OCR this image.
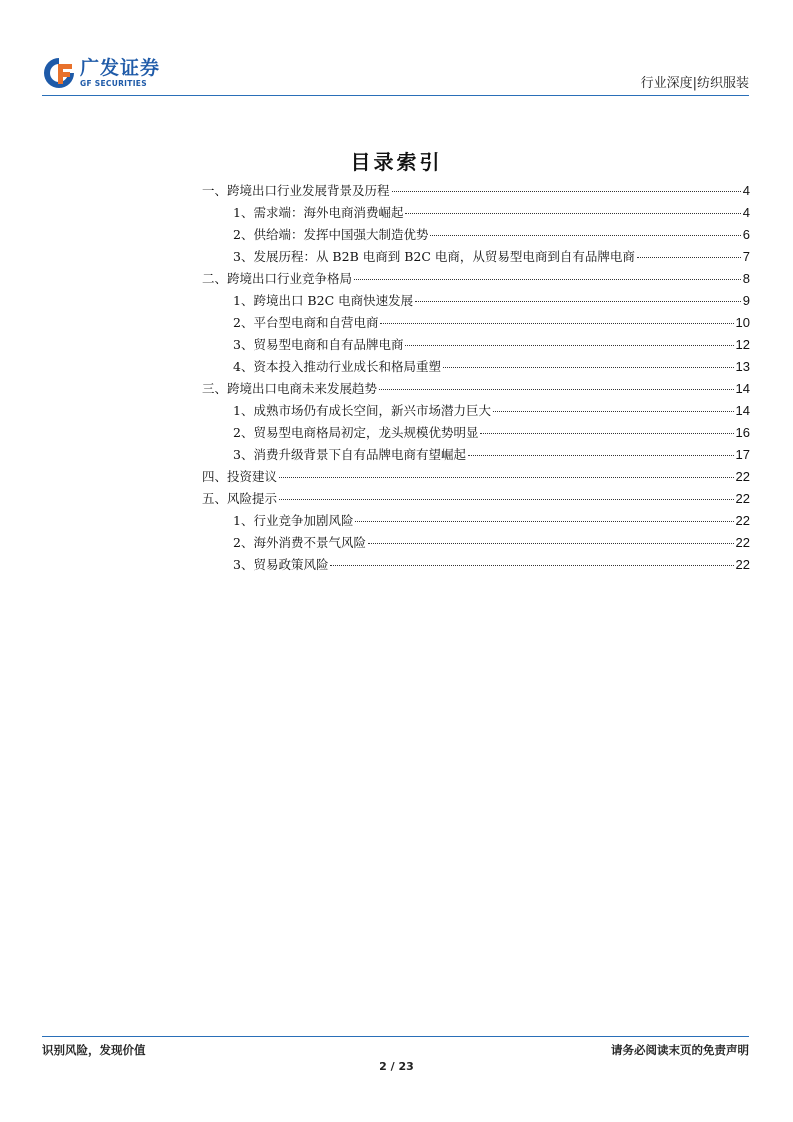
广发证券
GF SECURITIES	行业深度|纺织服装
目录索引
一、跨境出口行业发展背景及历程	4
1、需求端：海外电商消费崛起	4
2、供给端：发挥中国强大制造优势	6
3、发展历程：从 B2B 电商到 B2C 电商，从贸易型电商到自有品牌电商	7
二、跨境出口行业竞争格局	8
1、跨境出口 B2C 电商快速发展	9
2、平台型电商和自营电商	10
3、贸易型电商和自有品牌电商	12
4、资本投入推动行业成长和格局重塑	13
三、跨境出口电商未来发展趋势	14
1、成熟市场仍有成长空间，新兴市场潜力巨大	14
2、贸易型电商格局初定，龙头规模优势明显	16
3、消费升级背景下自有品牌电商有望崛起	17
四、投资建议	22
五、风险提示	22
1、行业竞争加剧风险	22
2、海外消费不景气风险	22
3、贸易政策风险	22
识别风险，发现价值	请务必阅读末页的免责声明
2 / 23
